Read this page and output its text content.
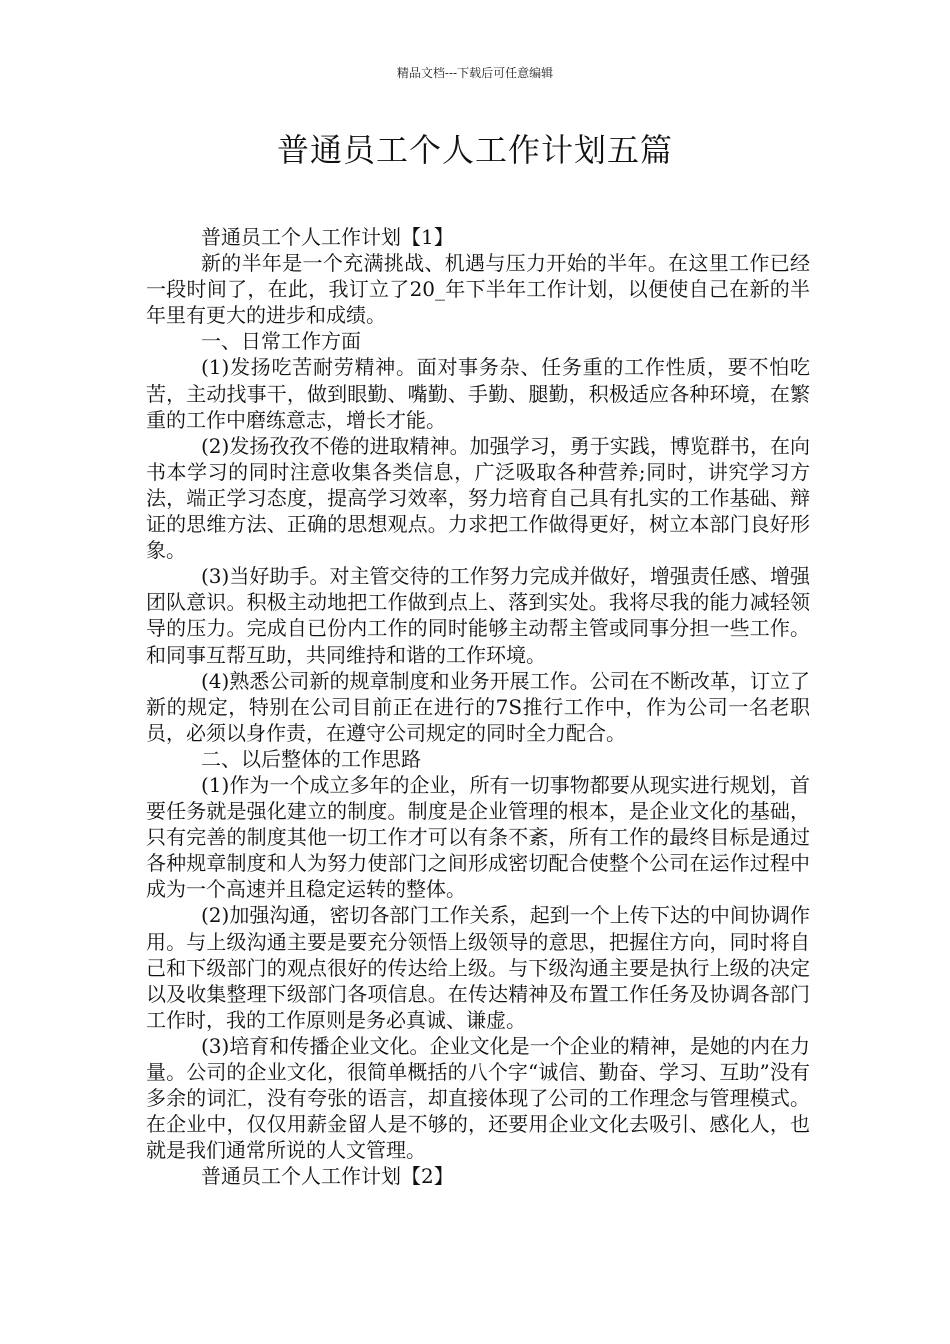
精品文档---下载后可任意编辑
普通员工个人工作计划五篇

普通员工个人工作计划【1】

新的半年是一个充满挑战、机遇与压力开始的半年。在这里工作已经一段时间了，在此，我订立了20_年下半年工作计划，以便使自己在新的半年里有更大的进步和成绩。

一、日常工作方面

(1)发扬吃苦耐劳精神。面对事务杂、任务重的工作性质，要不怕吃苦，主动找事干，做到眼勤、嘴勤、手勤、腿勤，积极适应各种环境，在繁重的工作中磨练意志，增长才能。

(2)发扬孜孜不倦的进取精神。加强学习，勇于实践，博览群书，在向书本学习的同时注意收集各类信息，广泛吸取各种营养;同时，讲究学习方法，端正学习态度，提高学习效率，努力培育自己具有扎实的工作基础、辩证的思维方法、正确的思想观点。力求把工作做得更好，树立本部门良好形象。

(3)当好助手。对主管交待的工作努力完成并做好，增强责任感、增强团队意识。积极主动地把工作做到点上、落到实处。我将尽我的能力减轻领导的压力。完成自已份内工作的同时能够主动帮主管或同事分担一些工作。和同事互帮互助，共同维持和谐的工作环境。

(4)熟悉公司新的规章制度和业务开展工作。公司在不断改革，订立了新的规定，特别在公司目前正在进行的7S推行工作中，作为公司一名老职员，必须以身作责，在遵守公司规定的同时全力配合。

二、以后整体的工作思路

(1)作为一个成立多年的企业，所有一切事物都要从现实进行规划，首要任务就是强化建立的制度。制度是企业管理的根本，是企业文化的基础，只有完善的制度其他一切工作才可以有条不紊，所有工作的最终目标是通过各种规章制度和人为努力使部门之间形成密切配合使整个公司在运作过程中成为一个高速并且稳定运转的整体。

(2)加强沟通，密切各部门工作关系，起到一个上传下达的中间协调作用。与上级沟通主要是要充分领悟上级领导的意思，把握住方向，同时将自己和下级部门的观点很好的传达给上级。与下级沟通主要是执行上级的决定以及收集整理下级部门各项信息。在传达精神及布置工作任务及协调各部门工作时，我的工作原则是务必真诚、谦虚。

(3)培育和传播企业文化。企业文化是一个企业的精神，是她的内在力量。公司的企业文化，很简单概括的八个字“诚信、勤奋、学习、互助”没有多余的词汇，没有夸张的语言，却直接体现了公司的工作理念与管理模式。在企业中，仅仅用薪金留人是不够的，还要用企业文化去吸引、感化人，也就是我们通常所说的人文管理。

普通员工个人工作计划【2】
